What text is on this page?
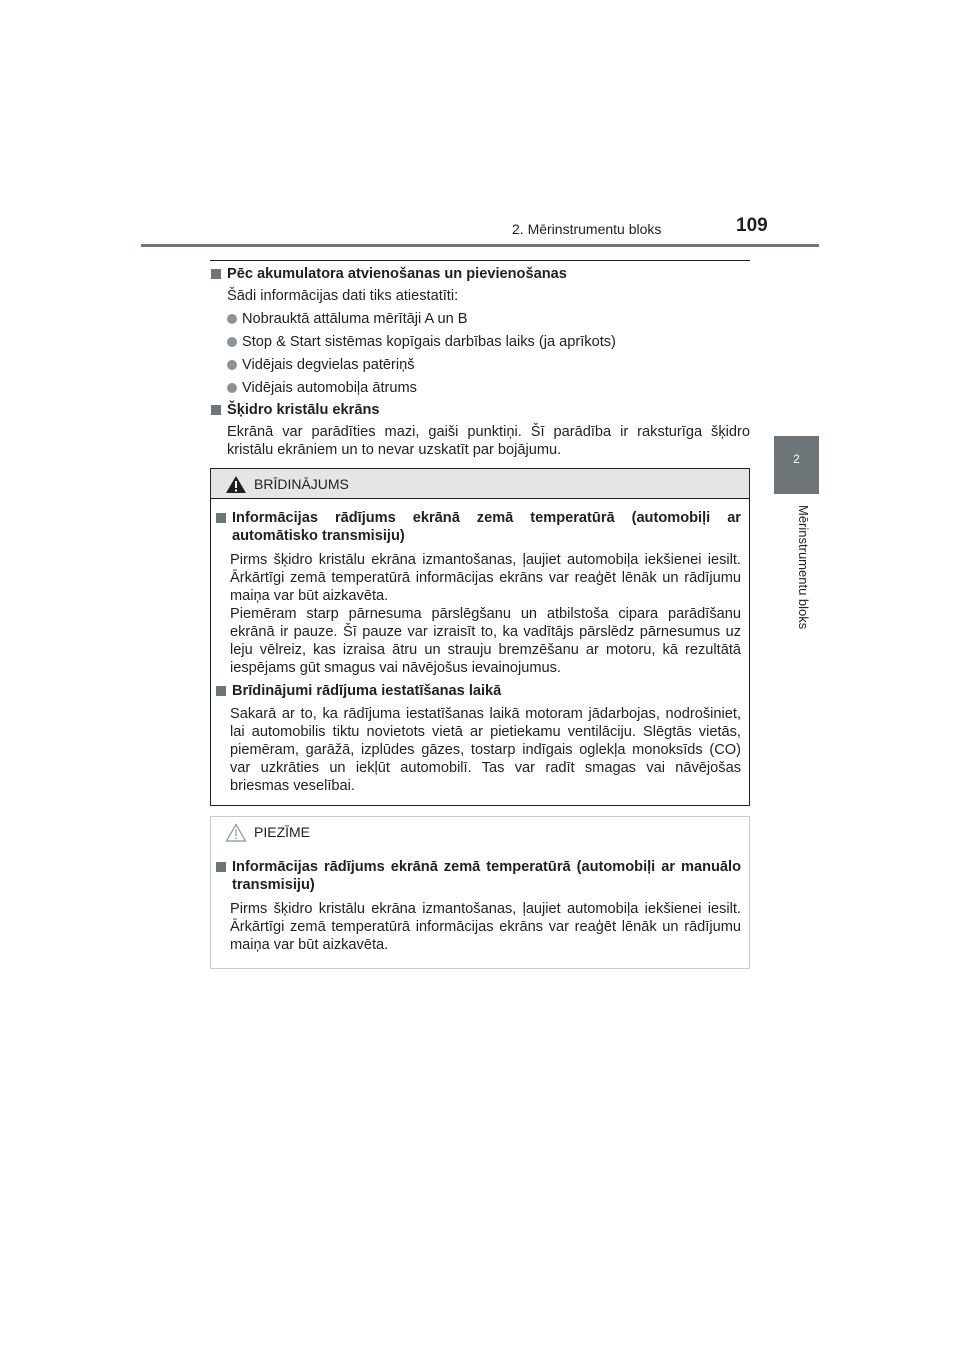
2. Mērinstrumentu bloks	109
2
Mērinstrumentu bloks
Pēc akumulatora atvienošanas un pievienošanas
Šādi informācijas dati tiks atiestatīti:
Nobrauktā attāluma mērītāji A un B
Stop & Start sistēmas kopīgais darbības laiks (ja aprīkots)
Vidējais degvielas patēriņš
Vidējais automobiļa ātrums
Šķidro kristālu ekrāns
Ekrānā var parādīties mazi, gaiši punktiņi. Šī parādība ir raksturīga šķidro kristālu ekrāniem un to nevar uzskatīt par bojājumu.
BRĪDINĀJUMS
Informācijas rādījums ekrānā zemā temperatūrā (automobiļi ar automātisko transmisiju)
Pirms šķidro kristālu ekrāna izmantošanas, ļaujiet automobiļa iekšienei iesilt. Ārkārtīgi zemā temperatūrā informācijas ekrāns var reaģēt lēnāk un rādījumu maiņa var būt aizkavēta.
Piemēram starp pārnesuma pārslēgšanu un atbilstoša cipara parādīšanu ekrānā ir pauze. Šī pauze var izraisīt to, ka vadītājs pārslēdz pārnesumus uz leju vēlreiz, kas izraisa ātru un strauju bremzēšanu ar motoru, kā rezultātā iespējams gūt smagus vai nāvējošus ievainojumus.
Brīdinājumi rādījuma iestatīšanas laikā
Sakarā ar to, ka rādījuma iestatīšanas laikā motoram jādarbojas, nodrošiniet, lai automobilis tiktu novietots vietā ar pietiekamu ventilāciju. Slēgtās vietās, piemēram, garāžā, izplūdes gāzes, tostarp indīgais oglekļa monoksīds (CO) var uzkrāties un iekļūt automobilī. Tas var radīt smagas vai nāvējošas briesmas veselībai.
PIEZĪME
Informācijas rādījums ekrānā zemā temperatūrā (automobiļi ar manuālo transmisiju)
Pirms šķidro kristālu ekrāna izmantošanas, ļaujiet automobiļa iekšienei iesilt. Ārkārtīgi zemā temperatūrā informācijas ekrāns var reaģēt lēnāk un rādījumu maiņa var būt aizkavēta.
